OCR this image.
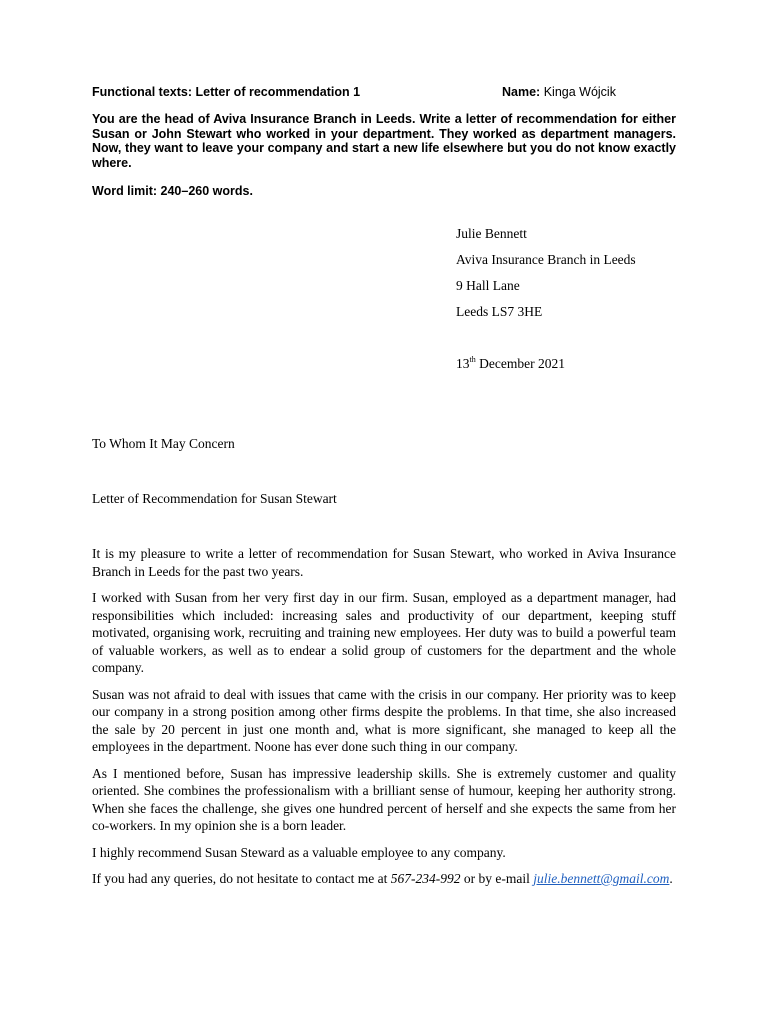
Functional texts: Letter of recommendation 1	Name: Kinga Wójcik

You are the head of Aviva Insurance Branch in Leeds. Write a letter of recommendation for either Susan or John Stewart who worked in your department. They worked as department managers. Now, they want to leave your company and start a new life elsewhere but you do not know exactly where.

Word limit: 240–260 words.

Julie Bennett
Aviva Insurance Branch in Leeds
9 Hall Lane
Leeds LS7 3HE
13th December 2021
To Whom It May Concern
Letter of Recommendation for Susan Stewart

It is my pleasure to write a letter of recommendation for Susan Stewart, who worked in Aviva Insurance Branch in Leeds for the past two years.

I worked with Susan from her very first day in our firm. Susan, employed as a department manager, had responsibilities which included: increasing sales and productivity of our department, keeping stuff motivated, organising work, recruiting and training new employees. Her duty was to build a powerful team of valuable workers, as well as to endear a solid group of customers for the department and the whole company.

Susan was not afraid to deal with issues that came with the crisis in our company. Her priority was to keep our company in a strong position among other firms despite the problems. In that time, she also increased the sale by 20 percent in just one month and, what is more significant, she managed to keep all the employees in the department. Noone has ever done such thing in our company.

As I mentioned before, Susan has impressive leadership skills. She is extremely customer and quality oriented. She combines the professionalism with a brilliant sense of humour, keeping her authority strong. When she faces the challenge, she gives one hundred percent of herself and she expects the same from her co-workers. In my opinion she is a born leader.

I highly recommend Susan Steward as a valuable employee to any company.

If you had any queries, do not hesitate to contact me at 567-234-992 or by e-mail julie.bennett@gmail.com.
